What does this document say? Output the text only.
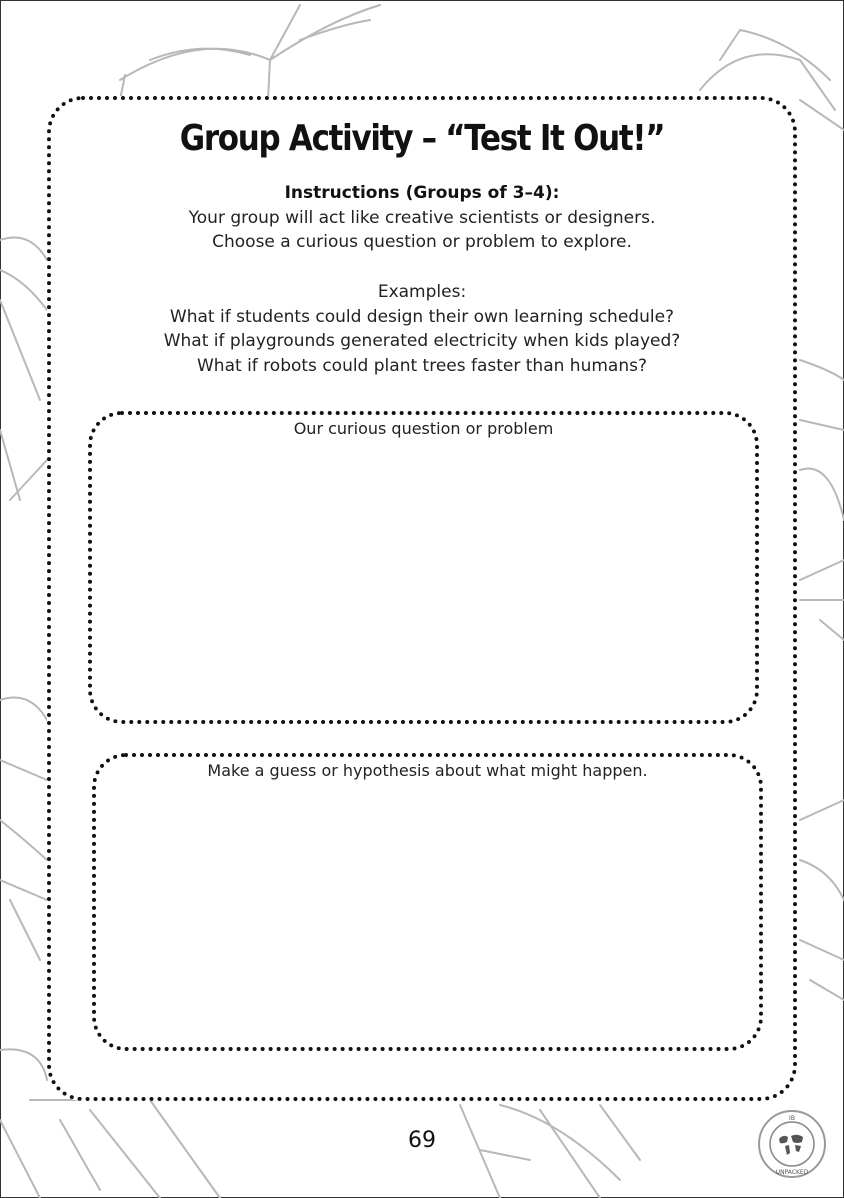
Group Activity – “Test It Out!”
Instructions (Groups of 3–4):
Your group will act like creative scientists or designers.
Choose a curious question or problem to explore.
Examples:
What if students could design their own learning schedule?
What if playgrounds generated electricity when kids played?
What if robots could plant trees faster than humans?
Our curious question or problem
Make a guess or hypothesis about what might happen.
69
IB
UNPACKED
